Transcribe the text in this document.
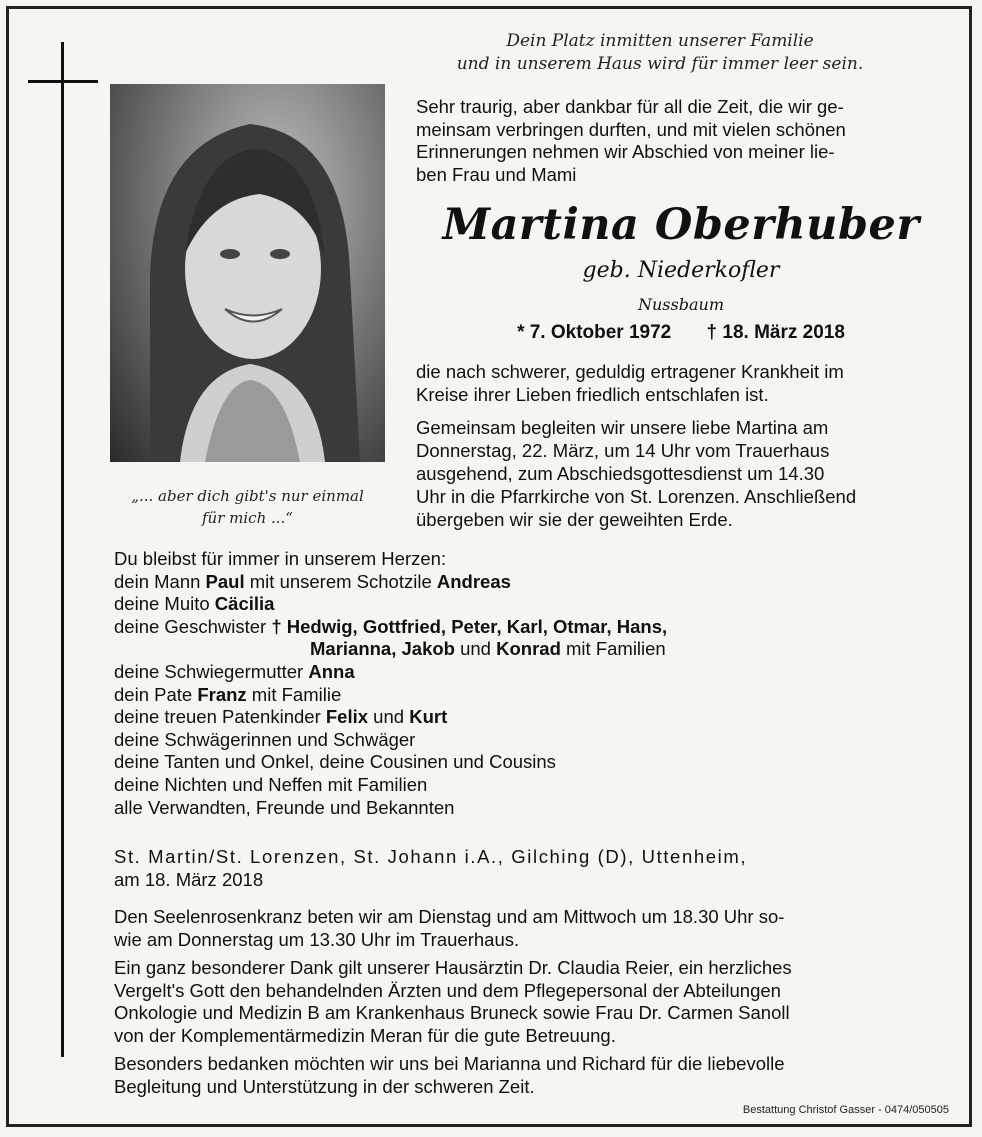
Dein Platz inmitten unserer Familie
und in unserem Haus wird für immer leer sein.
„... aber dich gibt's nur einmal
für mich ...“
Sehr traurig, aber dankbar für all die Zeit, die wir ge-
meinsam verbringen durften, und mit vielen schönen
Erinnerungen nehmen wir Abschied von meiner lie-
ben Frau und Mami
Martina Oberhuber
geb. Niederkofler
Nussbaum
* 7. Oktober 1972 † 18. März 2018
die nach schwerer, geduldig ertragener Krankheit im
Kreise ihrer Lieben friedlich entschlafen ist.
Gemeinsam begleiten wir unsere liebe Martina am
Donnerstag, 22. März, um 14 Uhr vom Trauerhaus
ausgehend, zum Abschiedsgottesdienst um 14.30
Uhr in die Pfarrkirche von St. Lorenzen. Anschließend
übergeben wir sie der geweihten Erde.
Du bleibst für immer in unserem Herzen:
dein Mann Paul mit unserem Schotzile Andreas
deine Muito Cäcilia
deine Geschwister † Hedwig, Gottfried, Peter, Karl, Otmar, Hans,
Marianna, Jakob und Konrad mit Familien
deine Schwiegermutter Anna
dein Pate Franz mit Familie
deine treuen Patenkinder Felix und Kurt
deine Schwägerinnen und Schwäger
deine Tanten und Onkel, deine Cousinen und Cousins
deine Nichten und Neffen mit Familien
alle Verwandten, Freunde und Bekannten
St. Martin/St. Lorenzen, St. Johann i.A., Gilching (D), Uttenheim,
am 18. März 2018
Den Seelenrosenkranz beten wir am Dienstag und am Mittwoch um 18.30 Uhr so-
wie am Donnerstag um 13.30 Uhr im Trauerhaus.
Ein ganz besonderer Dank gilt unserer Hausärztin Dr. Claudia Reier, ein herzliches
Vergelt's Gott den behandelnden Ärzten und dem Pflegepersonal der Abteilungen
Onkologie und Medizin B am Krankenhaus Bruneck sowie Frau Dr. Carmen Sanoll
von der Komplementärmedizin Meran für die gute Betreuung.
Besonders bedanken möchten wir uns bei Marianna und Richard für die liebevolle
Begleitung und Unterstützung in der schweren Zeit.
Bestattung Christof Gasser - 0474/050505
